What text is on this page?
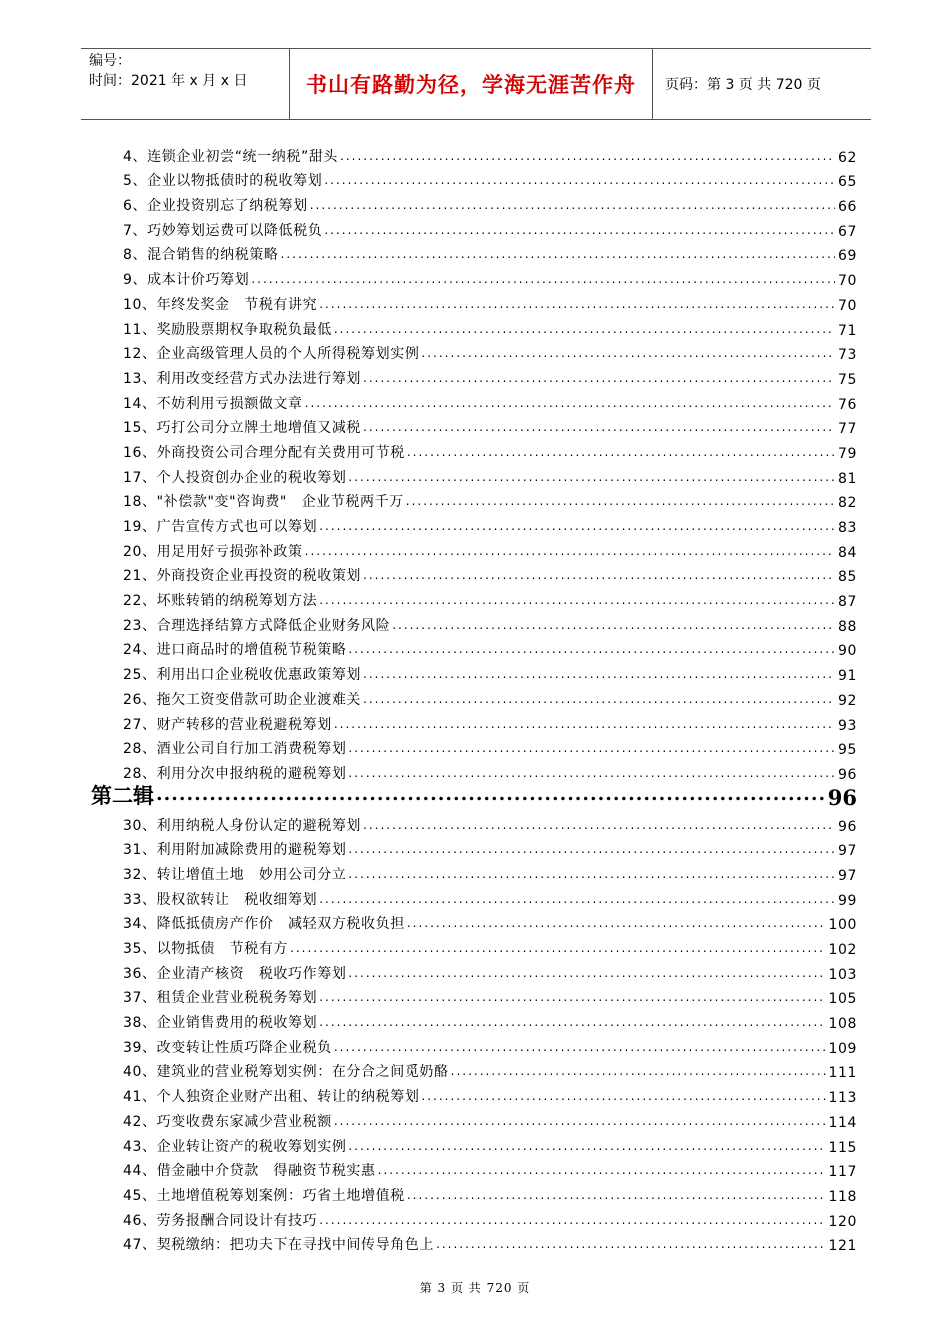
编号：
时间：2021 年 x 月 x 日	书山有路勤为径，学海无涯苦作舟	页码：第 3 页 共 720 页
4、连锁企业初尝“统一纳税”甜头 .....	62
5、企业以物抵债时的税收筹划 .....	65
6、企业投资别忘了纳税筹划 .....	66
7、巧妙筹划运费可以降低税负 .....	67
8、混合销售的纳税策略 .....	69
9、成本计价巧筹划 .....	70
10、年终发奖金　节税有讲究 .....	70
11、奖励股票期权争取税负最低 .....	71
12、企业高级管理人员的个人所得税筹划实例 .....	73
13、利用改变经营方式办法进行筹划 .....	75
14、不妨利用亏损额做文章 .....	76
15、巧打公司分立牌土地增值又减税 .....	77
16、外商投资公司合理分配有关费用可节税 .....	79
17、个人投资创办企业的税收筹划 .....	81
18、"补偿款"变"咨询费"　企业节税两千万 .....	82
19、广告宣传方式也可以筹划 .....	83
20、用足用好亏损弥补政策 .....	84
21、外商投资企业再投资的税收策划 .....	85
22、坏账转销的纳税筹划方法 .....	87
23、合理选择结算方式降低企业财务风险 .....	88
24、进口商品时的增值税节税策略 .....	90
25、利用出口企业税收优惠政策筹划 .....	91
26、拖欠工资变借款可助企业渡难关 .....	92
27、财产转移的营业税避税筹划 .....	93
28、酒业公司自行加工消费税筹划 .....	95
28、利用分次申报纳税的避税筹划 .....	96
第二辑 .....	96
30、利用纳税人身份认定的避税筹划 .....	96
31、利用附加减除费用的避税筹划 .....	97
32、转让增值土地　妙用公司分立 .....	97
33、股权欲转让　税收细筹划 .....	99
34、降低抵债房产作价　减轻双方税收负担 .....	100
35、以物抵债　节税有方 .....	102
36、企业清产核资　税收巧作筹划 .....	103
37、租赁企业营业税税务筹划 .....	105
38、企业销售费用的税收筹划 .....	108
39、改变转让性质巧降企业税负 .....	109
40、建筑业的营业税筹划实例：在分合之间觅奶酪 .....	111
41、个人独资企业财产出租、转让的纳税筹划 .....	113
42、巧变收费东家减少营业税额 .....	114
43、企业转让资产的税收筹划实例 .....	115
44、借金融中介贷款　得融资节税实惠 .....	117
45、土地增值税筹划案例：巧省土地增值税 .....	118
46、劳务报酬合同设计有技巧 .....	120
47、契税缴纳：把功夫下在寻找中间传导角色上 .....	121
第 3 页 共 720 页
